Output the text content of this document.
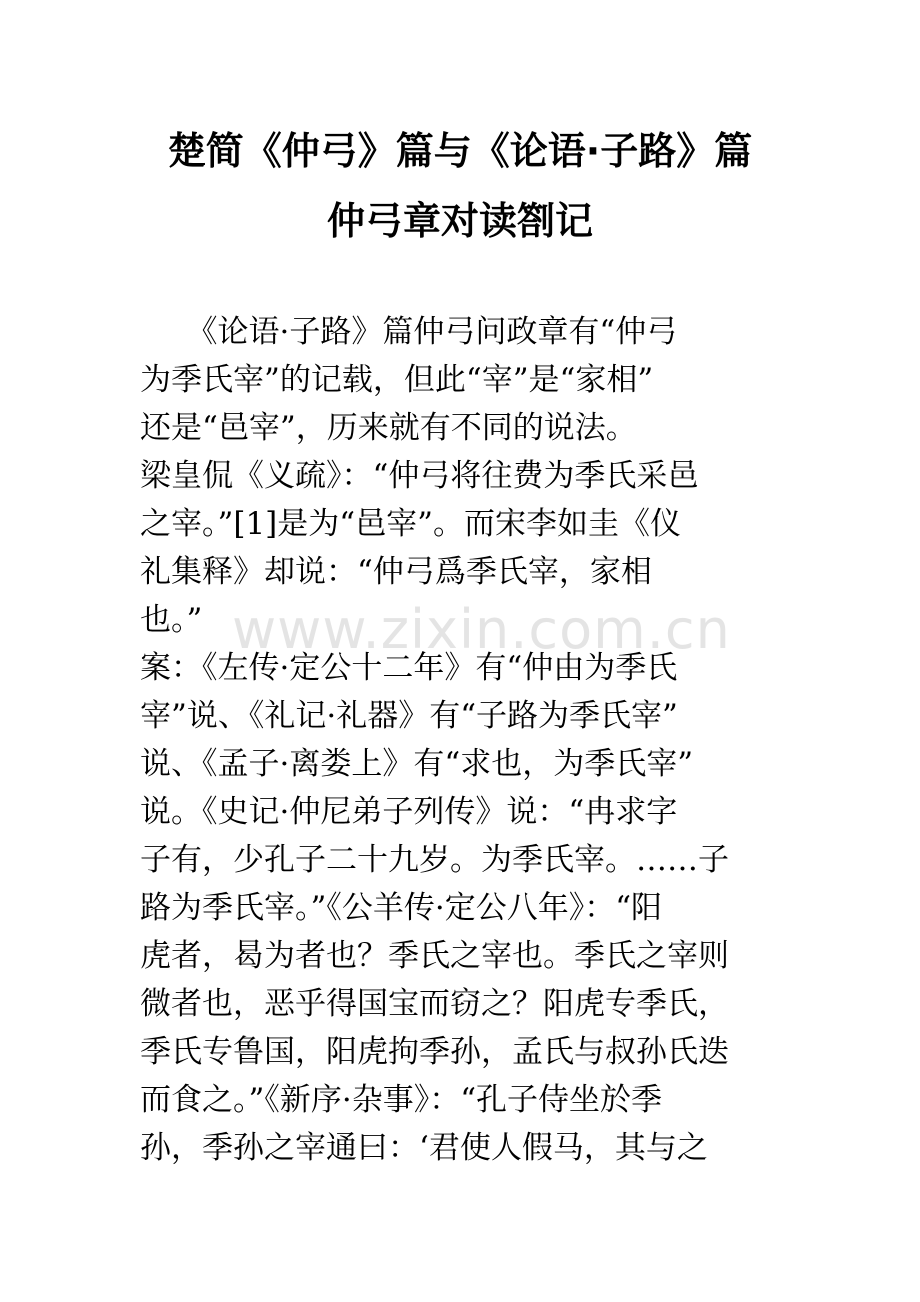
楚简《仲弓》篇与《论语·子路》篇
仲弓章对读劄记
　　《论语·子路》篇仲弓问政章有“仲弓
为季氏宰”的记载，但此“宰”是“家相”
还是“邑宰”，历来就有不同的说法。
梁皇侃《义疏》：“仲弓将往费为季氏采邑
之宰。”[1]是为“邑宰”。而宋李如圭《仪
礼集释》却说：“仲弓爲季氏宰，家相
也。”
案：《左传·定公十二年》有“仲由为季氏
宰”说、《礼记·礼器》有“子路为季氏宰”
说、《孟子·离娄上》有“求也，为季氏宰”
说。《史记·仲尼弟子列传》说：“冉求字
子有，少孔子二十九岁。为季氏宰。……子
路为季氏宰。”《公羊传·定公八年》：“阳
虎者，曷为者也？季氏之宰也。季氏之宰则
微者也，恶乎得国宝而窃之？阳虎专季氏，
季氏专鲁国，阳虎拘季孙，孟氏与叔孙氏迭
而食之。”《新序·杂事》：“孔子侍坐於季
孙，季孙之宰通曰：‘君使人假马，其与之
www.zixin.com.cn
